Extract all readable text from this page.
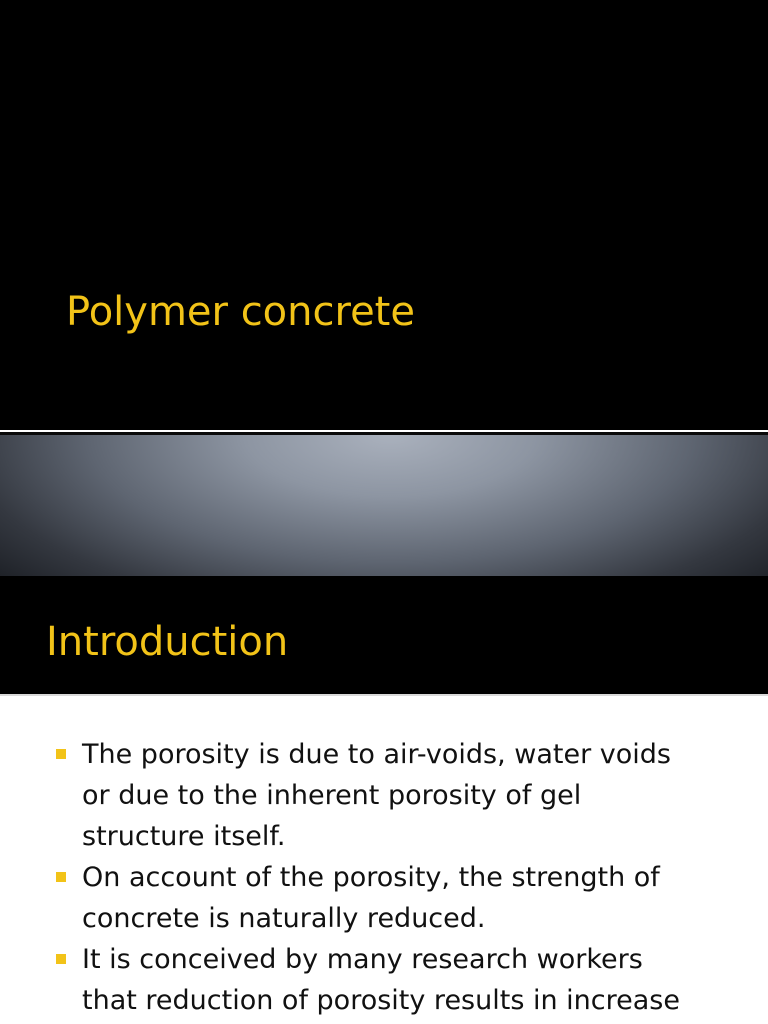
Polymer concrete
Introduction
The porosity is due to air-voids, water voids
or due to the inherent porosity of gel
structure itself.
On account of the porosity, the strength of
concrete is naturally reduced.
It is conceived by many research workers
that reduction of porosity results in increase
